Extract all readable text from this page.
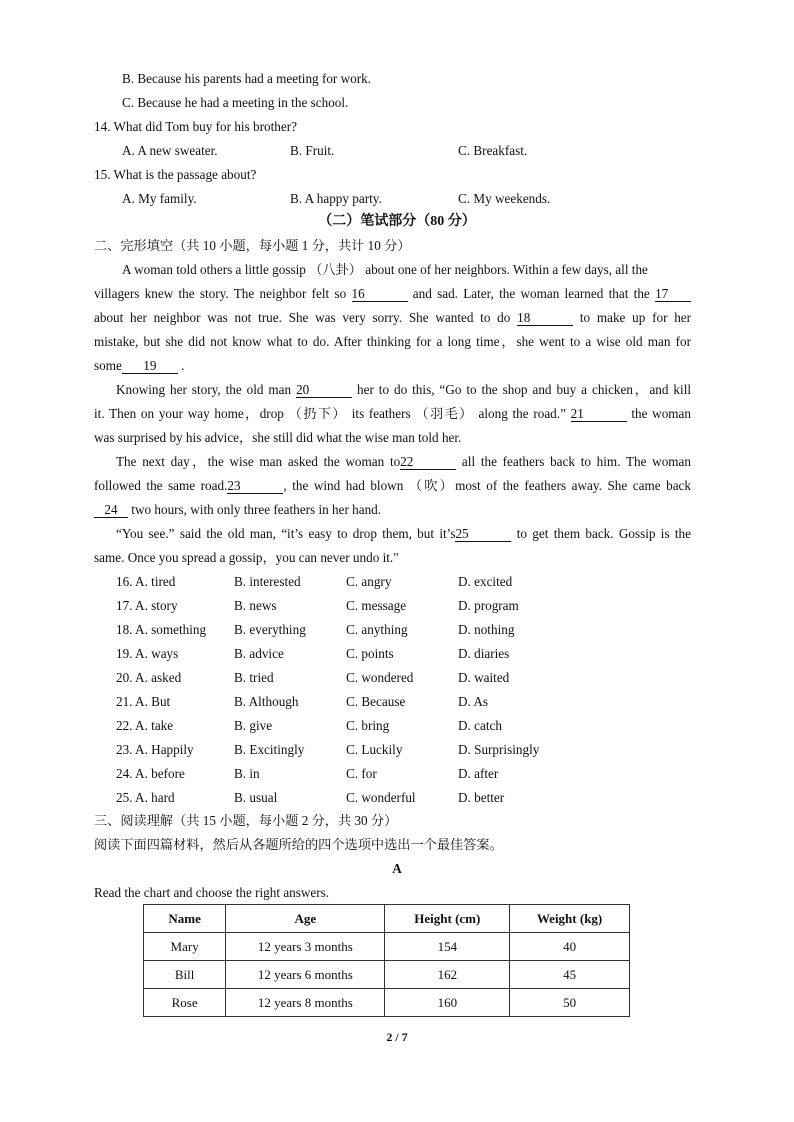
B. Because his parents had a meeting for work.
C. Because he had a meeting in the school.
14. What did Tom buy for his brother?
A. A new sweater.	B. Fruit.	C. Breakfast.
15. What is the passage about?
A. My family.	B. A happy party.	C. My weekends.
（二）笔试部分（80 分）
二、完形填空（共 10 小题，每小题 1 分，共计 10 分）
A woman told others a little gossip （八卦） about one of her neighbors. Within a few days, all the
villagers knew the story. The neighbor felt so 16	and sad. Later, the woman learned that the 17
about her neighbor was not true. She was very sorry. She wanted to do 18	to make up for her
mistake, but she did not know what to do. After thinking for a long time，she went to a wise old man for
some 19 .
Knowing her story, the old man 20	her to do this, “Go to the shop and buy a chicken，and kill
it. Then on your way home，drop （扔下） its feathers （羽毛） along the road.” 21	the woman
was surprised by his advice，she still did what the wise man told her.
The next day，the wise man asked the woman to22	all the feathers back to him. The woman
followed the same road.23	, the wind had blown （吹）most of the feathers away. She came back
24 two hours, with only three feathers in her hand.
“You see.” said the old man, “it’s easy to drop them, but it’s25	to get them back. Gossip is the
same. Once you spread a gossip，you can never undo it."
16. A. tired	B. interested	C. angry	D. excited
17. A. story	B. news	C. message	D. program
18. A. something B. everything	C. anything	D. nothing
19. A. ways	B. advice	C. points	D. diaries
20. A. asked	B. tried	C. wondered	D. waited
21. A. But	B. Although	C. Because	D. As
22. A. take	B. give	C. bring	D. catch
23. A. Happily	B. Excitingly	C. Luckily	D. Surprisingly
24. A. before	B. in	C. for	D. after
25. A. hard	B. usual	C. wonderful	D. better
三、阅读理解（共 15 小题，每小题 2 分，共 30 分）
阅读下面四篇材料，然后从各题所给的四个选项中选出一个最佳答案。
A
Read the chart and choose the right answers.
Name	Age	Height (cm)	Weight (kg)
Mary	12 years 3 months	154	40
Bill	12 years 6 months	162	45
Rose	12 years 8 months	160	50
2 / 7
